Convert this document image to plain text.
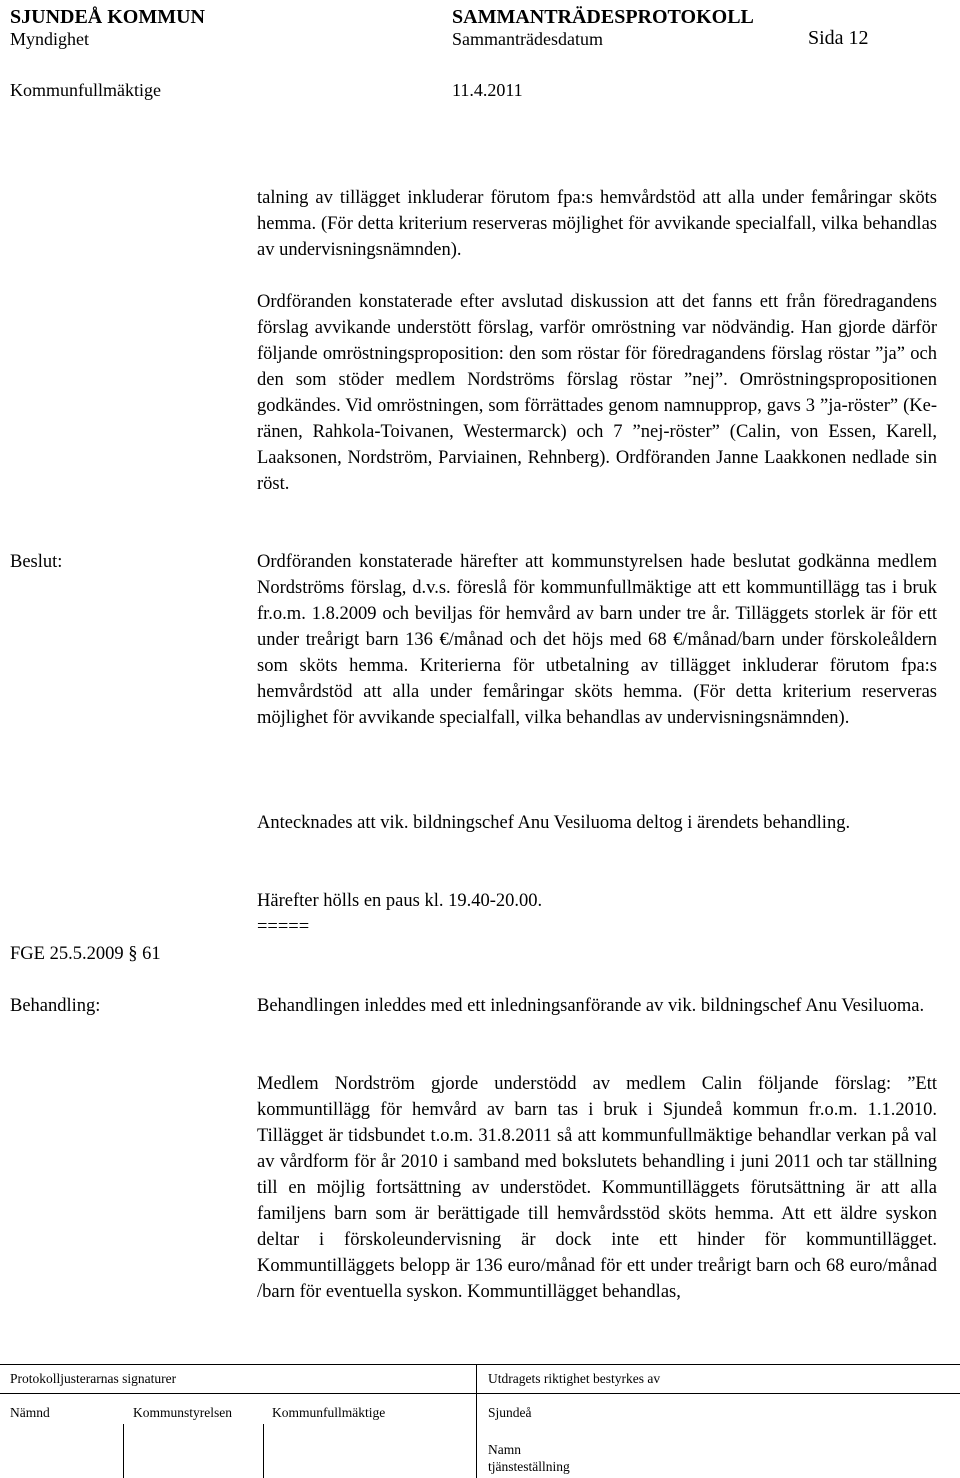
SJUNDEÅ KOMMUN	SAMMANTRÄDESPROTOKOLL
Myndighet	Sammanträdesdatum	Sida 12
Kommunfullmäktige	11.4.2011
talning av tillägget inkluderar förutom fpa:s hemvårdstöd att alla under femåringar sköts hemma. (För detta kriterium reserveras möjlighet för avvikande specialfall, vilka behandlas av undervisningsnämnden).
Ordföranden konstaterade efter avslutad diskussion att det fanns ett från föredragandens förslag avvikande understött förslag, varför omröstning var nödvändig. Han gjorde därför följande omröstningsproposition: den som röstar för föredragandens förslag röstar ”ja” och den som stöder medlem Nordströms förslag röstar ”nej”. Omröstningspropositionen godkändes. Vid omröstningen, som förrättades genom namnupprop, gavs 3 ”ja-röster” (Keränen, Rahkola-Toivanen, Westermarck) och 7 ”nej-röster” (Calin, von Essen, Karell, Laaksonen, Nordström, Parviainen, Rehnberg). Ordföranden Janne Laakkonen nedlade sin röst.
Beslut:	Ordföranden konstaterade härefter att kommunstyrelsen hade beslutat godkänna medlem Nordströms förslag, d.v.s. föreslå för kommunfullmäktige att ett kommuntillägg tas i bruk fr.o.m. 1.8.2009 och beviljas för hemvård av barn under tre år. Tilläggets storlek är för ett under treårigt barn 136 €/månad och det höjs med 68 €/månad/barn under förskoleåldern som sköts hemma. Kriterierna för utbetalning av tillägget inkluderar förutom fpa:s hemvårdstöd att alla under femåringar sköts hemma. (För detta kriterium reserveras möjlighet för avvikande specialfall, vilka behandlas av undervisningsnämnden).
Antecknades att vik. bildningschef Anu Vesiluoma deltog i ärendets behandling.
Härefter hölls en paus kl. 19.40-20.00.
=====
FGE 25.5.2009 § 61
Behandling:	Behandlingen inleddes med ett inledningsanförande av vik. bildningschef Anu Vesiluoma.
Medlem Nordström gjorde understödd av medlem Calin följande förslag: ”Ett kommuntillägg för hemvård av barn tas i bruk i Sjundeå kommun fr.o.m. 1.1.2010. Tillägget är tidsbundet t.o.m. 31.8.2011 så att kommunfullmäktige behandlar verkan på val av vårdform för år 2010 i samband med bokslutets behandling i juni 2011 och tar ställning till en möjlig fortsättning av understödet. Kommuntilläggets förutsättning är att alla familjens barn som är berättigade till hemvårdsstöd sköts hemma. Att ett äldre syskon deltar i förskoleundervisning är dock inte ett hinder för kommuntillägget. Kommuntilläggets belopp är 136 euro/månad för ett under treårigt barn och 68 euro/månad /barn för eventuella syskon. Kommuntillägget behandlas,
Protokolljusterarnas signaturer	Utdragets riktighet bestyrkes av
Nämnd	Kommunstyrelsen	Kommunfullmäktige	Sjundeå
Namn
tjänsteställning
